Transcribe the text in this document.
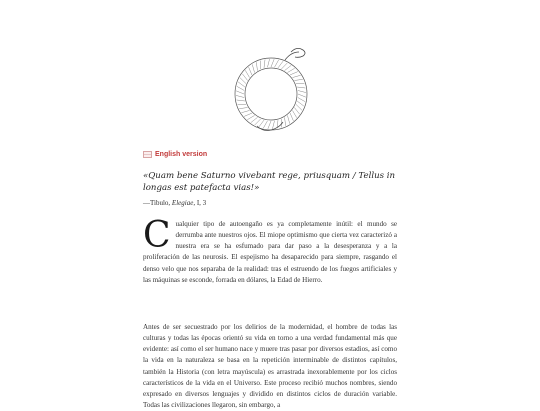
English version
«Quam bene Saturno vivebant rege, priusquam / Tellus in longas est patefacta vias!»
—Tibulo, Elegiae, I, 3
Cualquier tipo de autoengaño es ya completamente inútil: el mundo se derrumba ante nuestros ojos. El miope optimismo que cierta vez caracterizó a nuestra era se ha esfumado para dar paso a la desesperanza y a la proliferación de las neurosis. El espejismo ha desaparecido para siempre, rasgando el denso velo que nos separaba de la realidad: tras el estruendo de los fuegos artificiales y las máquinas se esconde, forrada en dólares, la Edad de Hierro.
Antes de ser secuestrado por los delirios de la modernidad, el hombre de todas las culturas y todas las épocas orientó su vida en torno a una verdad fundamental más que evidente: así como el ser humano nace y muere tras pasar por diversos estadios, así como la vida en la naturaleza se basa en la repetición interminable de distintos capítulos, también la Historia (con letra mayúscula) es arrastrada inexorablemente por los ciclos característicos de la vida en el Universo. Este proceso recibió muchos nombres, siendo expresado en diversos lenguajes y dividido en distintos ciclos de duración variable. Todas las civilizaciones llegaron, sin embargo, a
